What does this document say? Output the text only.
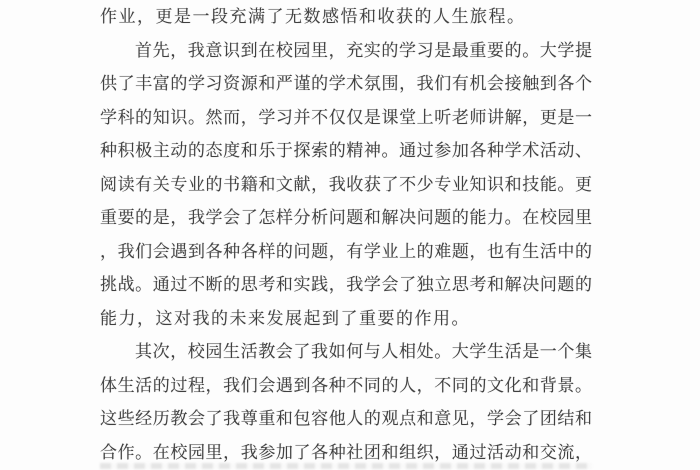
作业，更是一段充满了无数感悟和收获的人生旅程。

首先，我意识到在校园里，充实的学习是最重要的。大学提

供了丰富的学习资源和严谨的学术氛围，我们有机会接触到各个

学科的知识。然而，学习并不仅仅是课堂上听老师讲解，更是一

种积极主动的态度和乐于探索的精神。通过参加各种学术活动、

阅读有关专业的书籍和文献，我收获了不少专业知识和技能。更

重要的是，我学会了怎样分析问题和解决问题的能力。在校园里

，我们会遇到各种各样的问题，有学业上的难题，也有生活中的

挑战。通过不断的思考和实践，我学会了独立思考和解决问题的

能力，这对我的未来发展起到了重要的作用。

其次，校园生活教会了我如何与人相处。大学生活是一个集

体生活的过程，我们会遇到各种不同的人，不同的文化和背景。

这些经历教会了我尊重和包容他人的观点和意见，学会了团结和

合作。在校园里，我参加了各种社团和组织，通过活动和交流，
